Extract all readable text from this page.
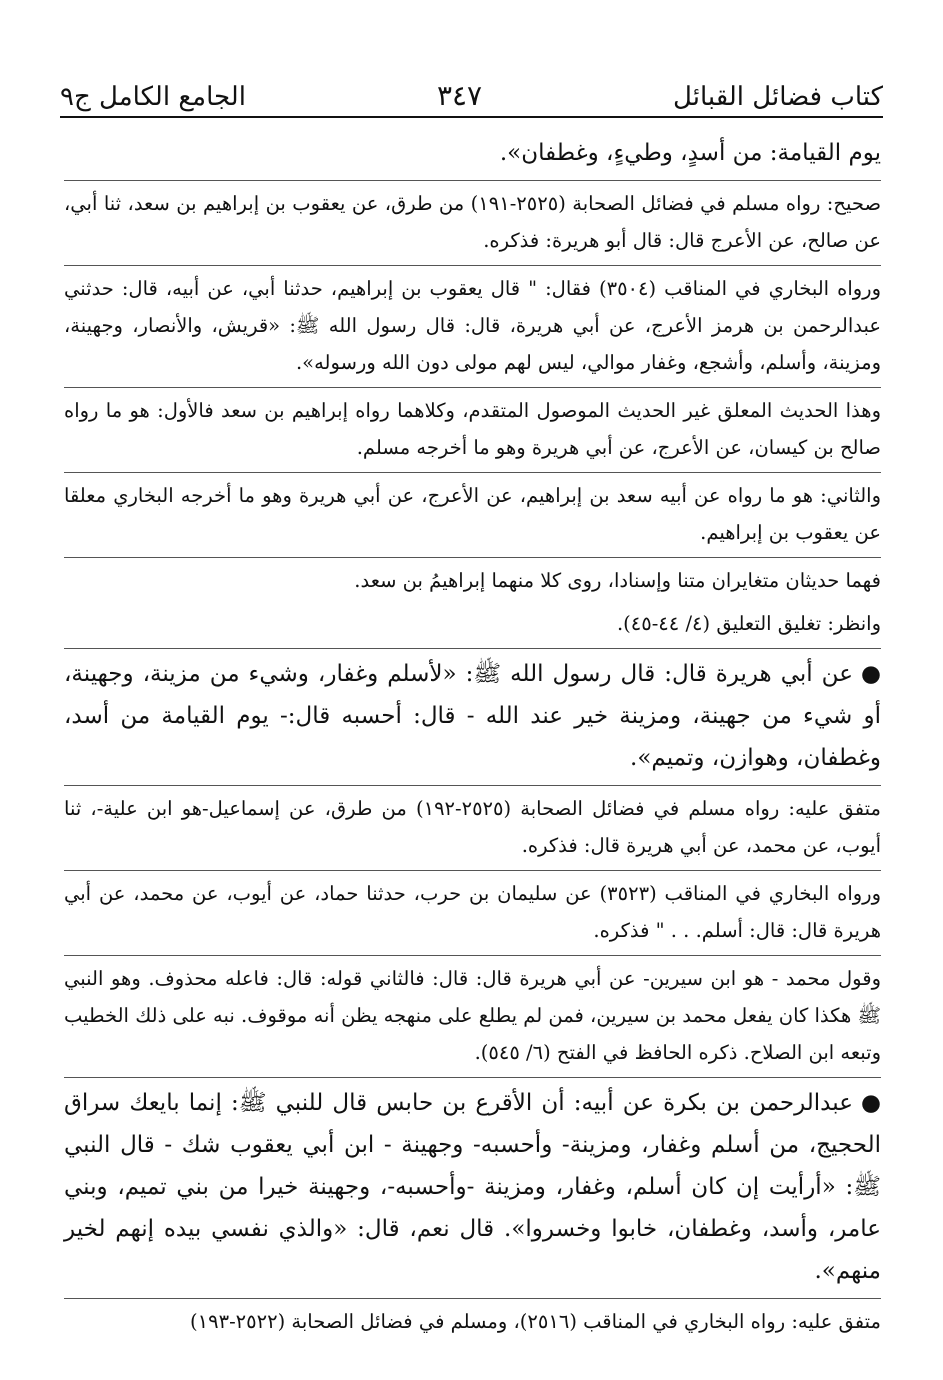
كتاب فضائل القبائل
٣٤٧
الجامع الكامل ج٩

يوم القيامة: من أسدٍ، وطيءٍ، وغطفان».

صحيح: رواه مسلم في فضائل الصحابة (٢٥٢٥-١٩١) من طرق، عن يعقوب بن إبراهيم بن سعد، ثنا أبي، عن صالح، عن الأعرج قال: قال أبو هريرة: فذكره.

ورواه البخاري في المناقب (٣٥٠٤) فقال: " قال يعقوب بن إبراهيم، حدثنا أبي، عن أبيه، قال: حدثني عبدالرحمن بن هرمز الأعرج، عن أبي هريرة، قال: قال رسول الله ﷺ: «قريش، والأنصار، وجهينة، ومزينة، وأسلم، وأشجع، وغفار موالي، ليس لهم مولى دون الله ورسوله».

وهذا الحديث المعلق غير الحديث الموصول المتقدم، وكلاهما رواه إبراهيم بن سعد فالأول: هو ما رواه صالح بن كيسان، عن الأعرج، عن أبي هريرة وهو ما أخرجه مسلم.

والثاني: هو ما رواه عن أبيه سعد بن إبراهيم، عن الأعرج، عن أبي هريرة وهو ما أخرجه البخاري معلقا عن يعقوب بن إبراهيم.

فهما حديثان متغايران متنا وإسنادا، روى كلا منهما إبراهيمُ بن سعد.

وانظر: تغليق التعليق (٤/ ٤٤-٤٥).

●عن أبي هريرة قال: قال رسول الله ﷺ: «لأسلم وغفار، وشيء من مزينة، وجهينة، أو شيء من جهينة، ومزينة خير عند الله - قال: أحسبه قال:- يوم القيامة من أسد، وغطفان، وهوازن، وتميم».

متفق عليه: رواه مسلم في فضائل الصحابة (٢٥٢٥-١٩٢) من طرق، عن إسماعيل-هو ابن علية-، ثنا أيوب، عن محمد، عن أبي هريرة قال: فذكره.

ورواه البخاري في المناقب (٣٥٢٣) عن سليمان بن حرب، حدثنا حماد، عن أيوب، عن محمد، عن أبي هريرة قال: قال: أسلم. . . " فذكره.

وقول محمد - هو ابن سيرين- عن أبي هريرة قال: قال: فالثاني قوله: قال: فاعله محذوف. وهو النبي ﷺ هكذا كان يفعل محمد بن سيرين، فمن لم يطلع على منهجه يظن أنه موقوف. نبه على ذلك الخطيب وتبعه ابن الصلاح. ذكره الحافظ في الفتح (٦/ ٥٤٥).

●عبدالرحمن بن بكرة عن أبيه: أن الأقرع بن حابس قال للنبي ﷺ: إنما بايعك سراق الحجيج، من أسلم وغفار، ومزينة- وأحسبه- وجهينة - ابن أبي يعقوب شك - قال النبي ﷺ: «أرأيت إن كان أسلم، وغفار، ومزينة -وأحسبه-، وجهينة خيرا من بني تميم، وبني عامر، وأسد، وغطفان، خابوا وخسروا». قال نعم، قال: «والذي نفسي بيده إنهم لخير منهم».

متفق عليه: رواه البخاري في المناقب (٢٥١٦)، ومسلم في فضائل الصحابة (٢٥٢٢-١٩٣)
